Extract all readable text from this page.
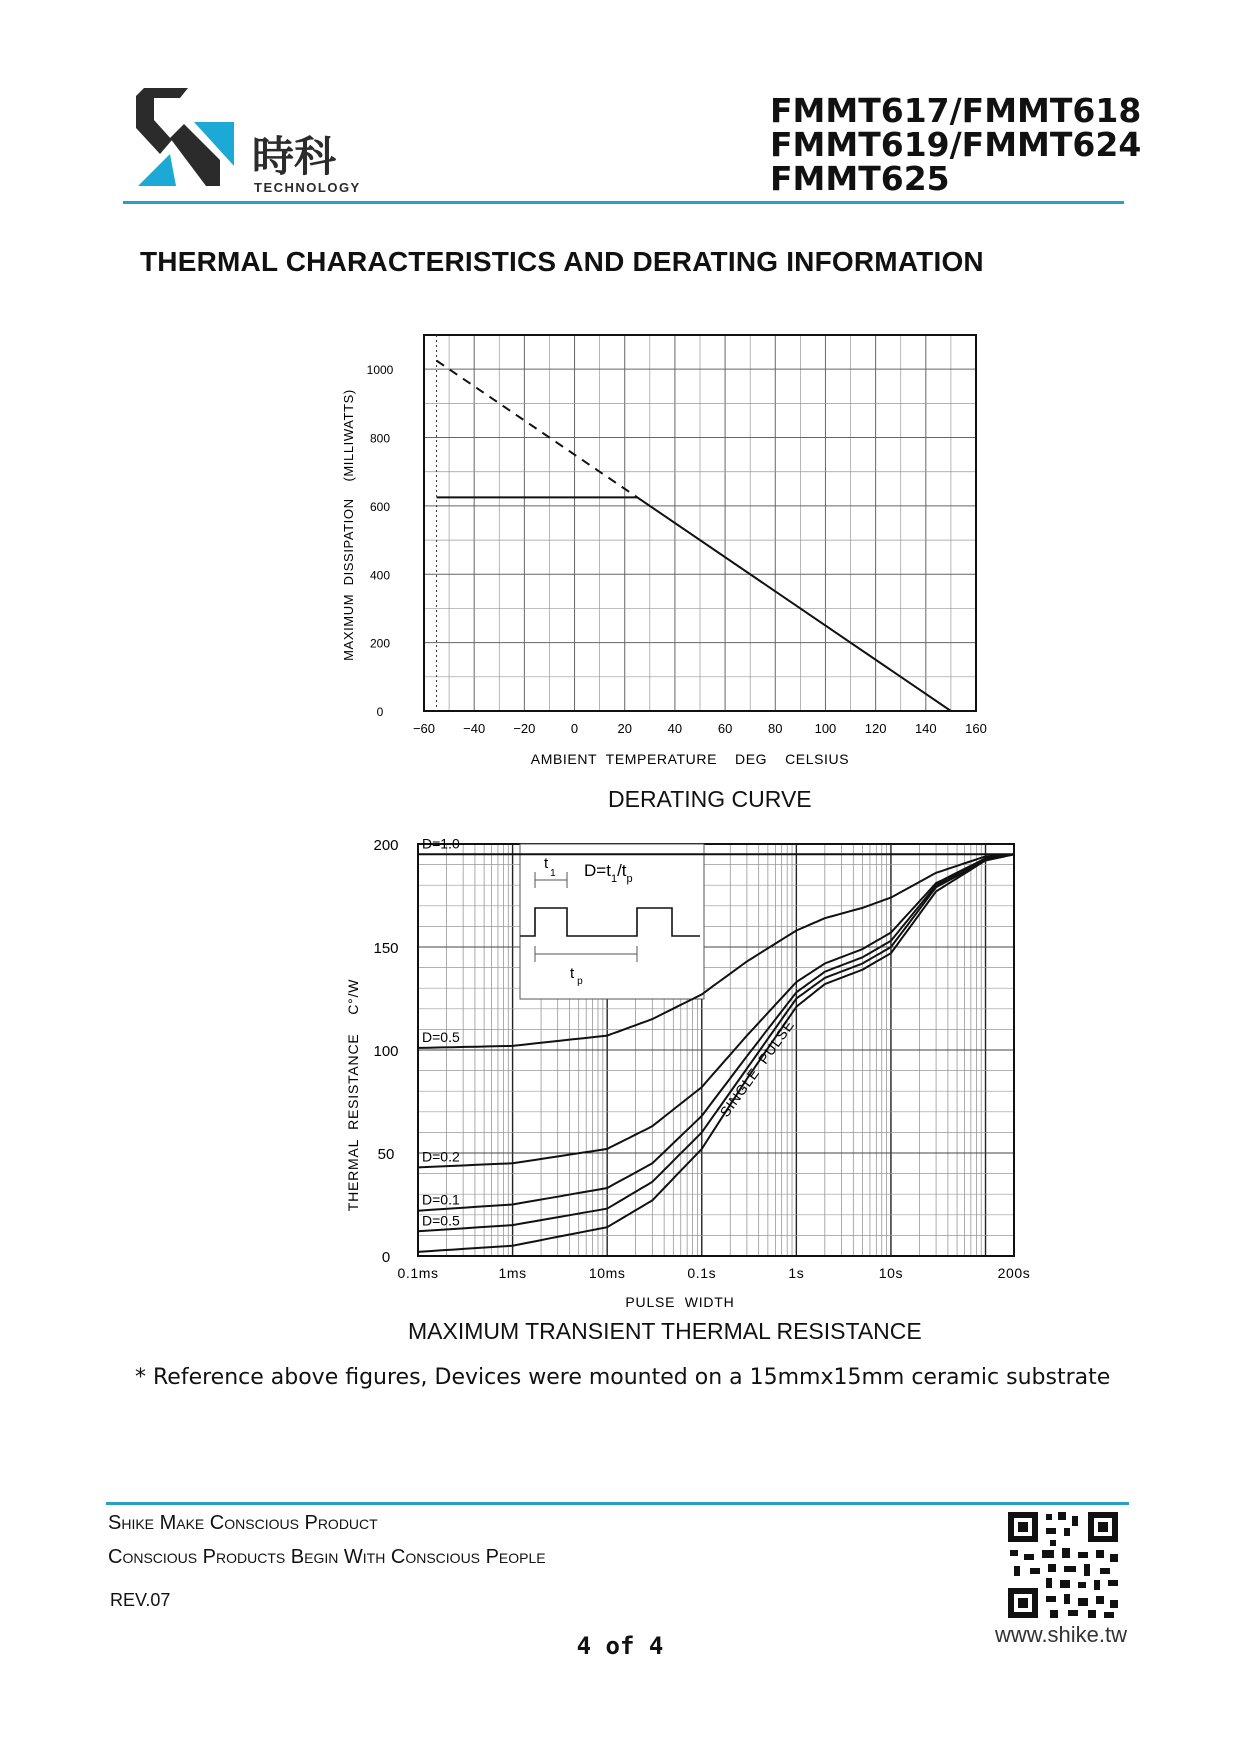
時科
TECHNOLOGY
FMMT617/FMMT618
FMMT619/FMMT624
FMMT625
THERMAL CHARACTERISTICS AND DERATING INFORMATION
−60 −40 −20	0	20	40	60	80 100 120 140 160
0
200
400
600
800
1000
AMBIENT  TEMPERATURE    DEG    CELSIUS
MAXIMUM  DISSIPATION    (MILLIWATTS)
DERATING CURVE
$t_1$ $D=t_1/t_p$
t $_p$
D=1.0
D=0.5
D=0.2
D=0.1
D=0.5
SINGLE  PULSE
0.1ms	1ms	10ms	0.1s	1s	10s	200s
0
50
100
150
200
PULSE  WIDTH
THERMAL  RESISTANCE    C°/W
MAXIMUM TRANSIENT THERMAL RESISTANCE
* Reference above figures, Devices were mounted on a 15mmx15mm ceramic substrate
Shike Make Conscious Product
Conscious Products Begin With Conscious People
REV.07
www.shike.tw
4 of 4
